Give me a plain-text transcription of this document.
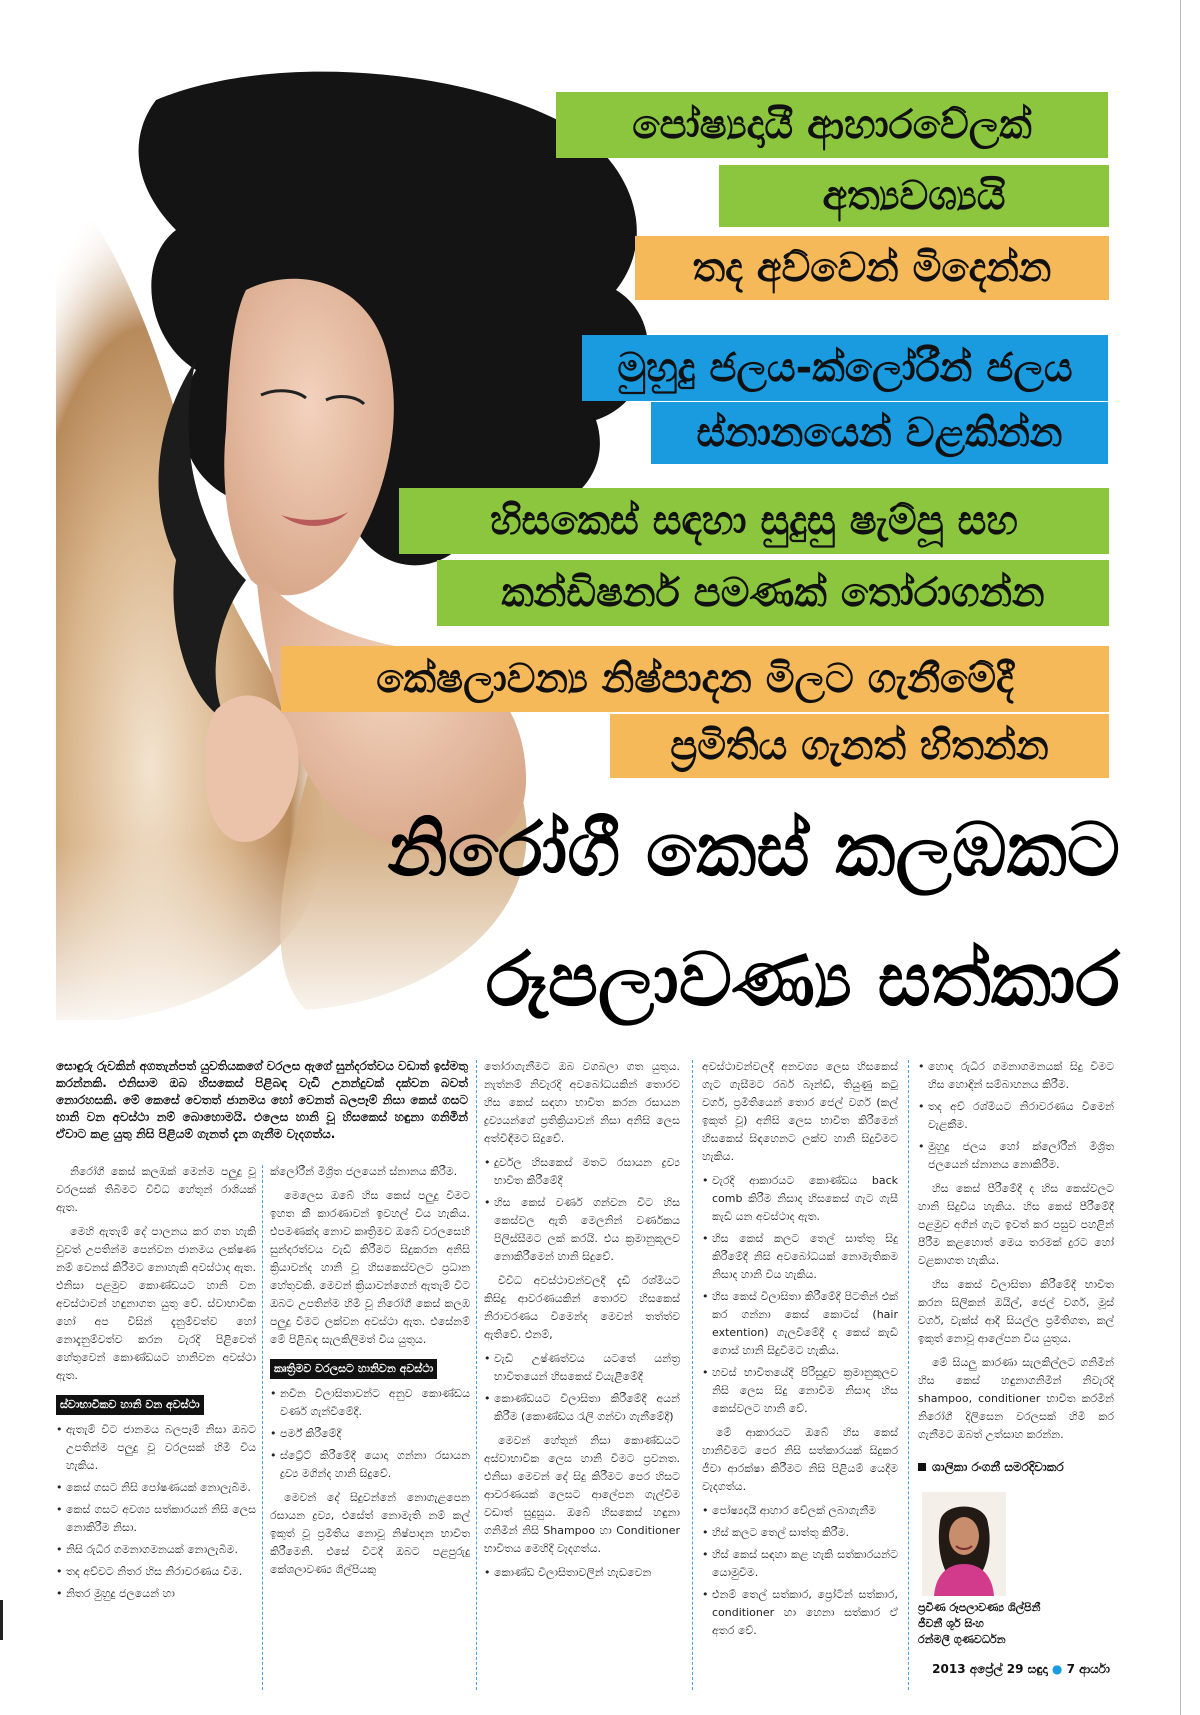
පෝෂ්‍යදායී ආහාරවේලක්
අත්‍යවශ්‍යයි
තද අව්වෙන් මිදෙන්න
මුහුදු ජලය-ක්ලෝරීන් ජලය
ස්නානයෙන් වළකින්න
හිසකෙස් සඳහා සුදුසු ෂැම්පූ සහ
කන්ඩිෂනර් පමණක් තෝරාගන්න
කේෂලාවන්‍ය නිෂ්පාදන මිලට ගැනීමේදී
ප්‍රමිතිය ගැනත් හිතන්න
නිරෝගී කෙස් කලඹකට
රූපලාවණ්‍ය සත්කාර
සොඳුරු රුවකින් අගතැන්පත් යුවතියකගේ වරලස ඇගේ සුන්දරත්වය වඩාත් ඉස්මතු කරන්නකි. එනිසාම ඔබ හිසකෙස් පිළිබඳ වැඩි උනන්දුවක් දක්වන බවත් නොරහසකි. මේ කෙසේ වෙතත් ජානමය හෝ වෙනත් බලපෑම් නිසා කෙස් ගසට හානි වන අවස්ථා නම් බොහොමයි. එලෙස හානි වූ හිසකෙස් හඳුනා ගනිමින් ඒවාට කළ යුතු නිසි පිළියම් ගැනත් දැන ගැනීම වැදගත්ය.

නිරෝගී කෙස් කලඹක් මෙන්ම පලුදු වූ වරලසක් තිබීමට විවිධ හේතූන් රාශියක් ඇත.

මෙහි ඇතැම් දේ පාලනය කර ගත හැකි වුවත් උපතින්ම පෙන්වන ජානමය ලක්ෂණ නම් වෙනස් කිරීමට නොහැකි අවස්ථාද ඇත. එනිසා පළමුව කොණ්ඩයට හානි වන අවස්ථාවන් හඳුනාගත යුතු වේ. ස්වාභාවික හෝ අප විසින් දැනුම්වත්ව හෝ නොදැනුම්වත්ව කරන වැරදි පිළිවෙත් හේතුවෙන් කොණ්ඩයට හානිවන අවස්ථා ඇත.

ස්වාභාවිකව හානි වන අවස්ථා
• ඇතැම් විට ජානමය බලපෑම් නිසා ඔබට උපතින්ම පලුදු වූ වරලසක් හිමි විය හැකිය.
• කෙස් ගසට නිසි පෝෂණයක් නොලැබීම.
• කෙස් ගසට අවශ්‍ය සත්කාරයන් නිසි ලෙස නොකිරීම නිසා.
• නිසි රුධිර ගමනාගමනයක් නොලැබීම.
• තද අව්වට නිතර හිස නිරාවරණය වීම.
• නිතර මුහුදු ජලයෙන් හා

ක්ලෝරීන් මිශ්‍රිත ජලයෙන් ස්නානය කිරීම.

මෙලෙස ඔබේ හිස කෙස් පලුදු වීමට ඉහත කී කාරණාවන් ඉවහල් විය හැකිය. එපමණක්ද නොව කෘත්‍රිමව ඔබේ වරලසෙහි සුන්දරත්වය වැඩි කිරීමට සිදුකරන අනිසි ක්‍රියාවන්ද හානි වූ හිසකෙස්වලට ප්‍රධාන හේතුවකි. මෙවන් ක්‍රියාවන්ගෙන් ඇතැම් විට ඔබට උපතින්ම හිමි වූ නිරෝගී කෙස් කලඹ පලුදු වීමට ලක්වන අවස්ථා ඇත. එසේනම් මේ පිළිබඳ සැලකිලිමත් විය යුතුය.

කෘත්‍රිමව වරලසට හානිවන අවස්ථා
• නවීන විලාසිතාවන්ට අනුව කොණ්ඩය වර්ණ ගැන්වීමේදී.
• පර්ම් කිරීමේදී
• ස්ට්‍රේට් කිරීමේදී යොදා ගන්නා රසායන ද්‍රව්‍ය මගින්ද හානි සිදුවේ.

මෙවන් දේ සිදුවන්නේ නොගැළපෙන රසායන ද්‍රව්‍ය, එසේත් නොමැති නම් කල් ඉකුත් වූ ප්‍රමිතිය නොවූ නිෂ්පාදන භාවිත කිරීමෙනි. එසේ විටදී ඔබට පළපුරුදු කේශලාවණ්‍ය ශිල්පියකු

තෝරාගැනීමට ඔබ වගබලා ගත යුතුය. නැත්නම් නිවැරදි අවබෝධයකින් තොරව හිස කෙස් සඳහා භාවිත කරන රසායන ද්‍රව්‍යයන්ගේ ප්‍රතික්‍රියාවන් නිසා අනිසි ලෙස අත්විඳීමට සිදුවේ.

• දුර්වල හිසකෙස් මතට රසායන ද්‍රව්‍ය භාවිත කිරීමේදී
• හිස කෙස් වර්ණ ගන්වන විට හිස කෙස්වල ඇති මෙලනින් වර්ණකය පිලිස්සීමට ලක් කරයි. එය ක්‍රමානුකූලව නොකිරීමෙන් හානි සිදුවේ.

විවිධ අවස්ථාවන්වලදී දැඩි රශ්මියට කිසිදු ආවරණයකින් තොරව හිසකෙස් නිරාවරණය වීමෙන්ද මෙවන් තත්ත්ව ඇතිවේ. එනම්,

• වැඩි උෂ්ණත්වය යටතේ යන්ත්‍ර භාවිතයෙන් හිසකෙස් වියැළීමේදී
• කොණ්ඩයට විලාසිතා කිරීමේදී අයන් කිරීම (කොණ්ඩය රැලි ගන්වා ගැනීමේදී)

මෙවන් හේතූන් නිසා කොණ්ඩයට අස්වාභාවික ලෙස හානි වීමට ප්‍රවනත. එනිසා මෙවන් දේ සිදු කිරීමට පෙර හිසට ආවරණයක් ලෙසට ආලේපන ගැල්වීම වඩාත් සුදුසුය. ඔබේ හිසකෙස් හඳුනා ගනිමින් නිසි Shampoo හා Conditioner භාවිතය මෙහිදී වැදගත්ය.

• කොණ්ඩ විලාසිතාවලින් හැඩවෙන

අවස්ථාවන්වලදී අනවශ්‍ය ලෙස හිසකෙස් ගැට ගැසීමට රබර් බෑන්ඩ්, තියුණු කටු වර්ග, ප්‍රමිතියෙන් තොර ජෙල් වර්ග (කල් ඉකුත් වූ) අනිසි ලෙස භාවිත කිරීමෙන් හිසකෙස් සිඳහෙනට ලක්ව හානි සිදුවීමට හැකිය.

• වැරදි ආකාරයට කොණ්ඩය back comb කිරීම නිසාද හිසකෙස් ගැට ගැසී කැඩී යන අවස්ථාද ඇත.
• හිස කෙස් කලට තෙල් සාත්තු සිදු කිරීමේදී නිසි අවබෝධයක් නොමැතිකම නිසාද හානි විය හැකිය.
• හිස කෙස් විලාසිතා කිරීමේදී පිටතින් එක් කර ගන්නා කෙස් කොටස් (hair extention) ගැලවීමේදී ද කෙස් කැඩී ගොස් හානි සිදුවීමට හැකිය.
• හවස් භාවිතයේදී පිරිසුදුව ක්‍රමානුකූලව නිසි ලෙස සිදු නොවීම නිසාද හිස කෙස්වලට හානි වේ.

මේ ආකාරයට ඔබේ හිස කෙස් හානිවීමට පෙර නිසි සත්කාරයක් සිදුකර ජීවා ආරක්ෂා කිරීමට නිසි පිළියම් යෙදීම වැදගත්ය.

• පෝෂ්‍යදායී ආහාර වේලක් ලබාගැනීම
• හිස් කලට තෙල් සාත්තු කිරීම.
• හිස් කෙස් සඳහා කළ හැකි සත්කාරයන්ට යොමුවීම.
• එනම් තෙල් සත්කාර, ප්‍රෝටීන් සත්කාර, conditioner හා හෙනා සත්කාර ඒ අතර වේ.
• හොඳ රුධිර ගමනාගමනයක් සිදු වීමට හිස හොඳින් සම්බාහනය කිරීම.
• තද අව් රශ්මියට නිරාවරණය වීමෙන් වැළකීම.
• මුහුදු ජලය හෝ ක්ලෝරීන් මිශ්‍රිත ජලයෙන් ස්නානය නොකිරීම.

හිස කෙස් පීරීමේදී ද හිස කෙස්වලට හානි සිදුවිය හැකිය. හිස කෙස් පීරීමේදී පළමුව අගින් ගැට ඉවත් කර පසුව පහළින් පීරීම කළහොත් මෙය තරමක් දුරට හෝ වළකාගත හැකිය.

හිස කෙස් විලාසිතා කිරීමේදී භාවිත කරන සිලිකන් ඔයිල්, ජෙල් වර්ග, මූස් වර්ග, වැක්ස් ආදී සියල්ල ප්‍රමිතිගත, කල් ඉකුත් නොවූ ආලේපන විය යුතුය.

මේ සියලු කාරණා සැලකිල්ලට ගනිමින් හිස කෙස් හඳුනාගනිමින් නිවැරදි shampoo, conditioner භාවිත කරමින් නිරෝගී දිලිසෙන වරලසක් හිමි කර ගැනීමට ඔබත් උත්සාහ කරන්න.

ශාලිකා රංගනී සමරදිවාකර
ප්‍රවීණ රූපලාවණ්‍ය ශිල්පිනී
ජීවනී ශූර් සිංහ
රන්මලී ගුණවර්ධන
2013 අප්‍රේල් 29 සඳුදා ● 7 ආර්යා
